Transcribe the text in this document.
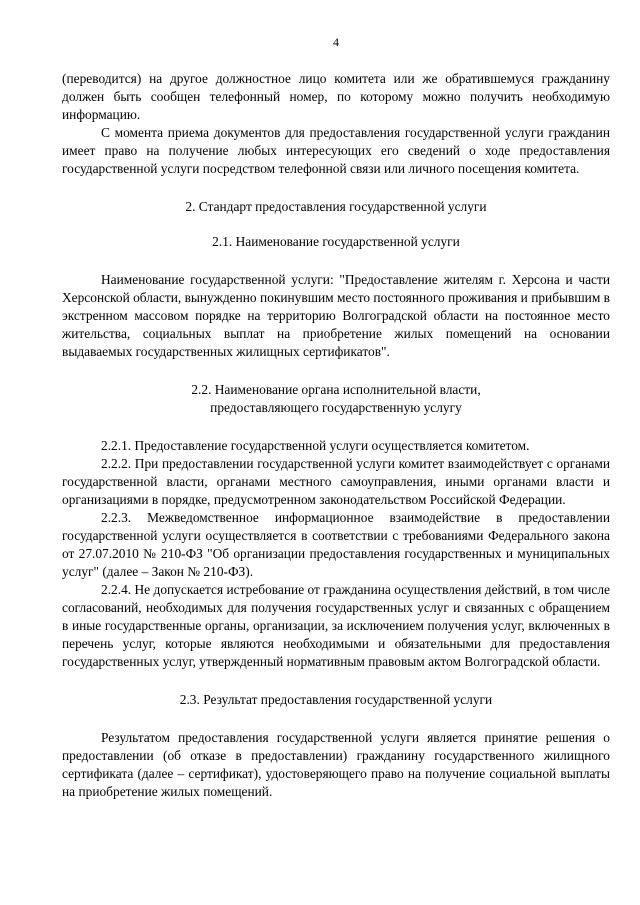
4

(переводится) на другое должностное лицо комитета или же обратившемуся гражданину должен быть сообщен телефонный номер, по которому можно получить необходимую информацию.

С момента приема документов для предоставления государственной услуги гражданин имеет право на получение любых интересующих его сведений о ходе предоставления государственной услуги посредством телефонной связи или личного посещения комитета.

2. Стандарт предоставления государственной услуги
2.1. Наименование государственной услуги

Наименование государственной услуги: "Предоставление жителям г. Херсона и части Херсонской области, вынужденно покинувшим место постоянного проживания и прибывшим в экстренном массовом порядке на территорию Волгоградской области на постоянное место жительства, социальных выплат на приобретение жилых помещений на основании выдаваемых государственных жилищных сертификатов".

2.2. Наименование органа исполнительной власти,
предоставляющего государственную услугу

2.2.1. Предоставление государственной услуги осуществляется комитетом.

2.2.2. При предоставлении государственной услуги комитет взаимодействует с органами государственной власти, органами местного самоуправления, иными органами власти и организациями в порядке, предусмотренном законодательством Российской Федерации.

2.2.3. Межведомственное информационное взаимодействие в предоставлении государственной услуги осуществляется в соответствии с требованиями Федерального закона от 27.07.2010 № 210-ФЗ "Об организации предоставления государственных и муниципальных услуг" (далее – Закон № 210-ФЗ).

2.2.4. Не допускается истребование от гражданина осуществления действий, в том числе согласований, необходимых для получения государственных услуг и связанных с обращением в иные государственные органы, организации, за исключением получения услуг, включенных в перечень услуг, которые являются необходимыми и обязательными для предоставления государственных услуг, утвержденный нормативным правовым актом Волгоградской области.

2.3. Результат предоставления государственной услуги

Результатом предоставления государственной услуги является принятие решения о предоставлении (об отказе в предоставлении) гражданину государственного жилищного сертификата (далее – сертификат), удостоверяющего право на получение социальной выплаты на приобретение жилых помещений.
